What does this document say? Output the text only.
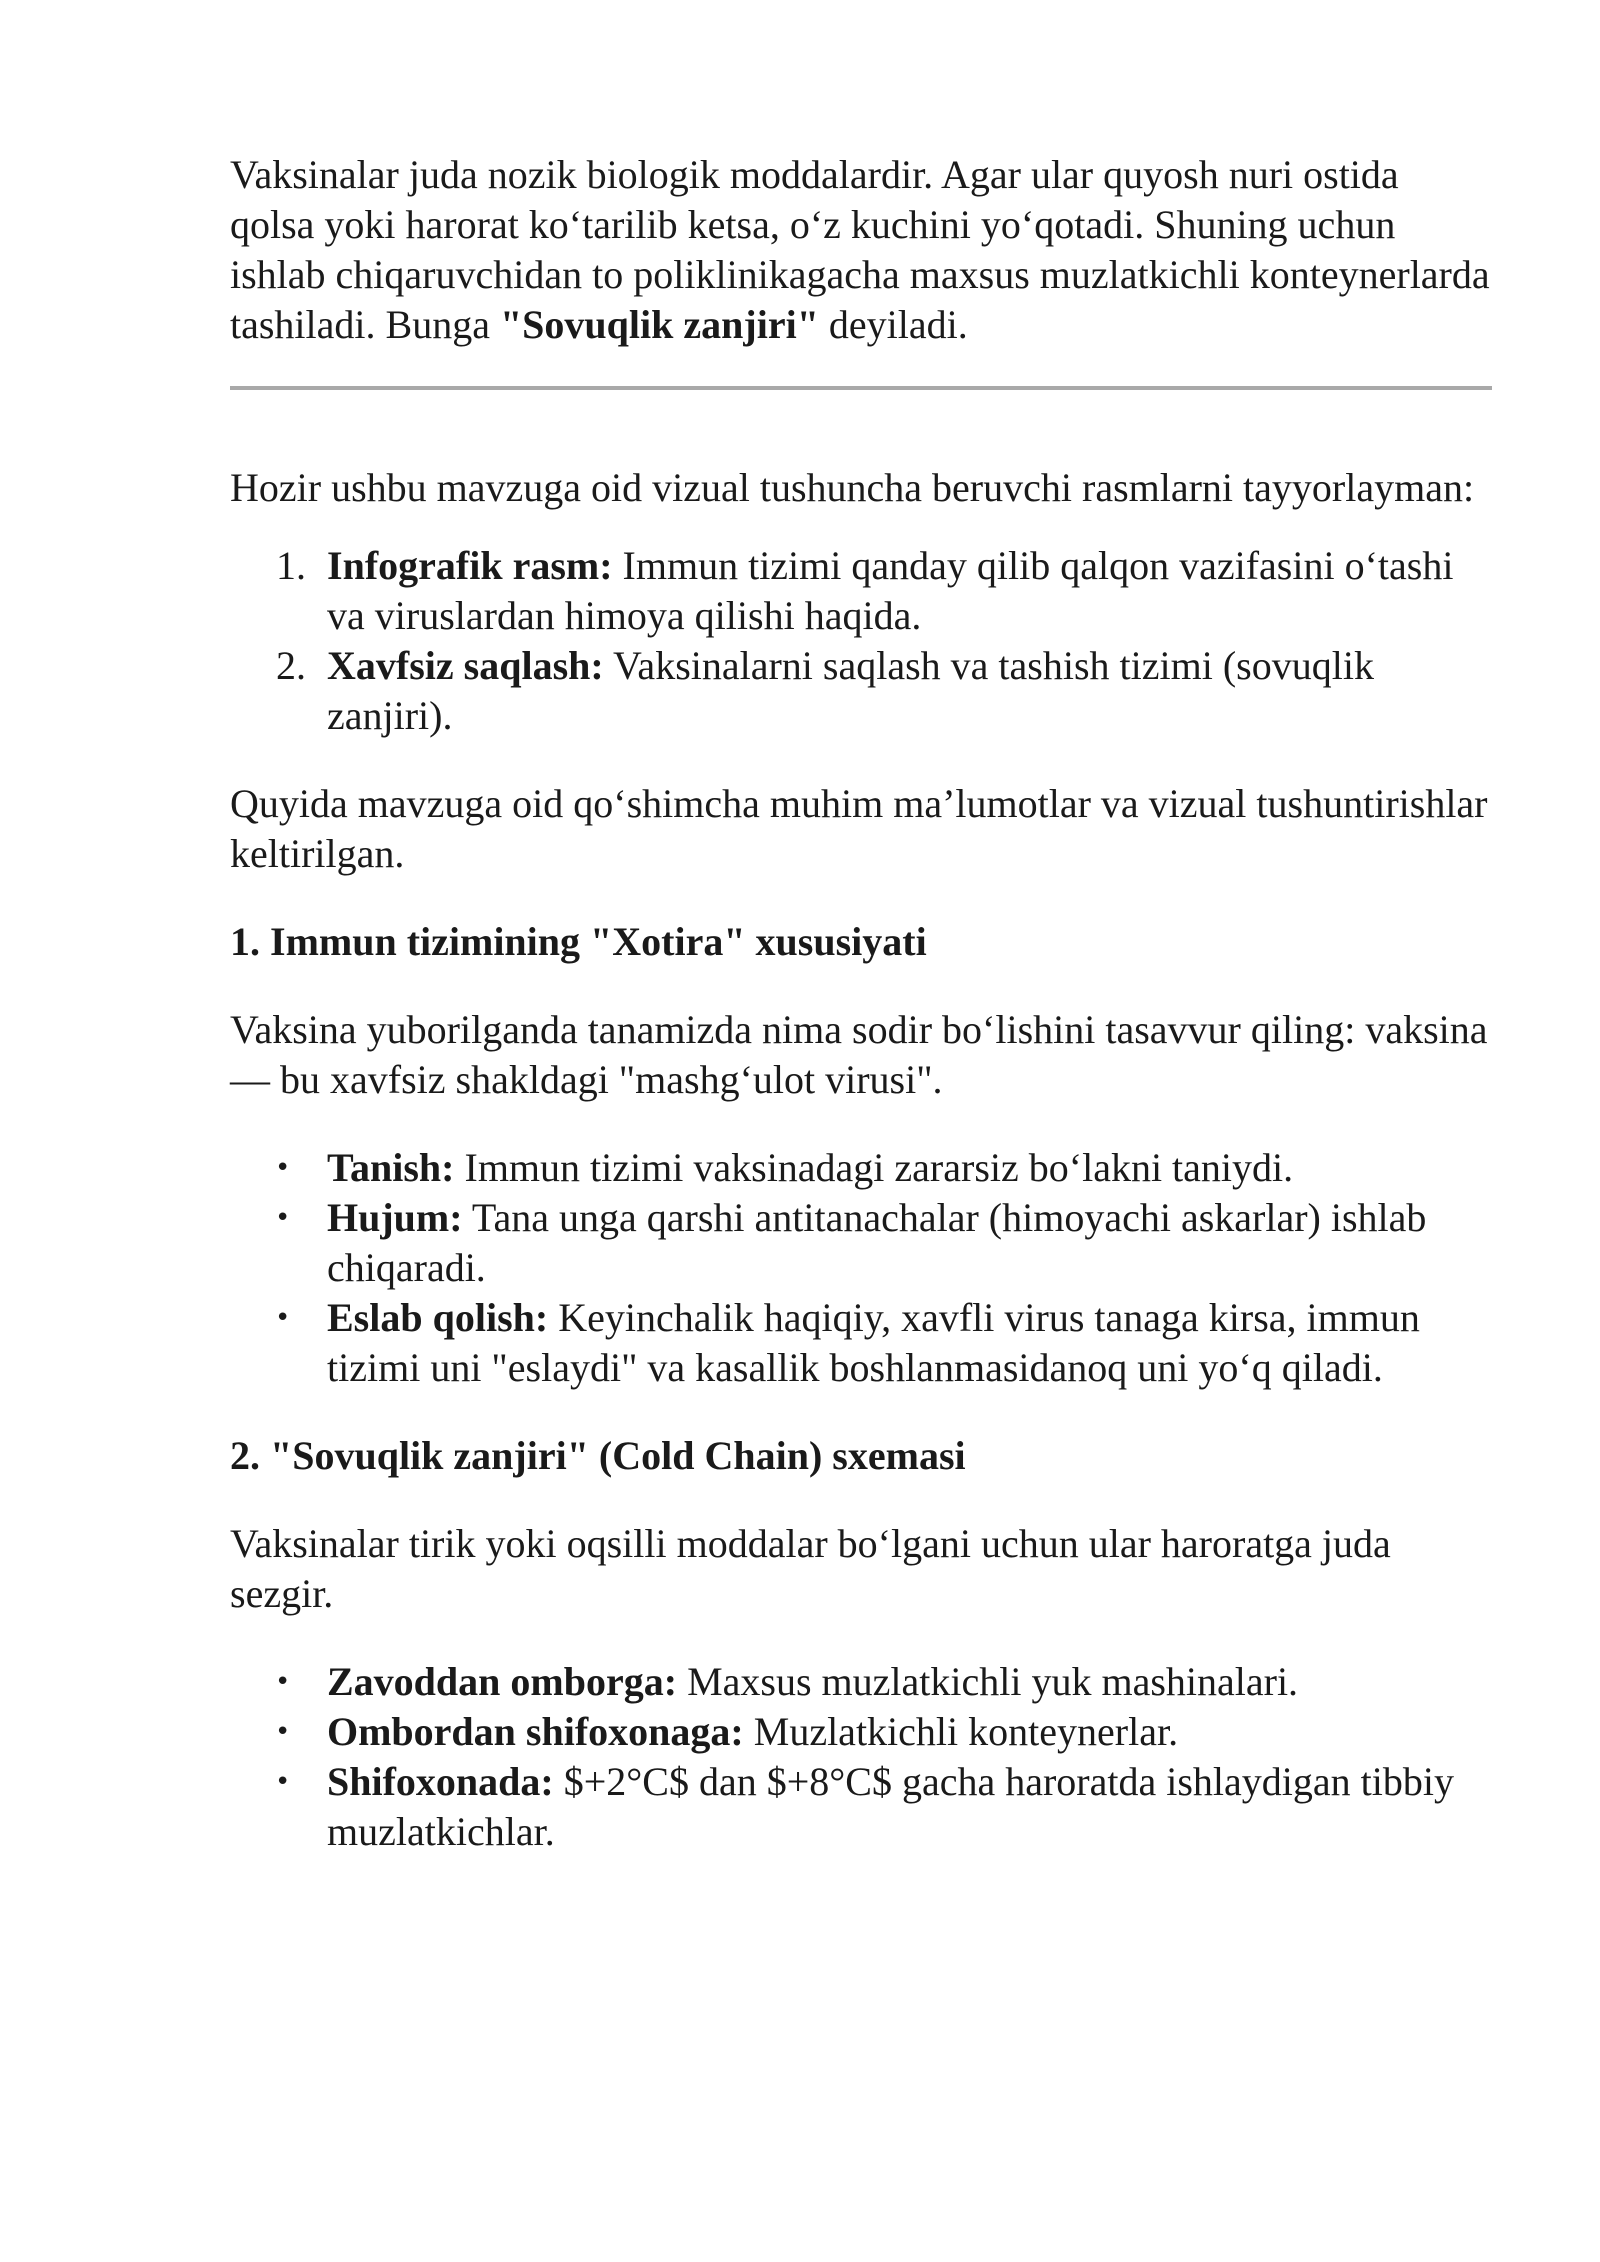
Vaksinalar juda nozik biologik moddalardir. Agar ular quyosh nuri ostida qolsa yoki harorat ko‘tarilib ketsa, o‘z kuchini yo‘qotadi. Shuning uchun ishlab chiqaruvchidan to poliklinikagacha maxsus muzlatkichli konteynerlarda tashiladi. Bunga "Sovuqlik zanjiri" deyiladi.

Hozir ushbu mavzuga oid vizual tushuncha beruvchi rasmlarni tayyorlayman:

1. Infografik rasm: Immun tizimi qanday qilib qalqon vazifasini o‘tashi va viruslardan himoya qilishi haqida.
2. Xavfsiz saqlash: Vaksinalarni saqlash va tashish tizimi (sovuqlik zanjiri).

Quyida mavzuga oid qo‘shimcha muhim ma’lumotlar va vizual tushuntirishlar keltirilgan.

1. Immun tizimining "Xotira" xususiyati

Vaksina yuborilganda tanamizda nima sodir bo‘lishini tasavvur qiling: vaksina — bu xavfsiz shakldagi "mashg‘ulot virusi".

• Tanish: Immun tizimi vaksinadagi zararsiz bo‘lakni taniydi.
• Hujum: Tana unga qarshi antitanachalar (himoyachi askarlar) ishlab chiqaradi.
• Eslab qolish: Keyinchalik haqiqiy, xavfli virus tanaga kirsa, immun tizimi uni "eslaydi" va kasallik boshlanmasidanoq uni yo‘q qiladi.
2. "Sovuqlik zanjiri" (Cold Chain) sxemasi

Vaksinalar tirik yoki oqsilli moddalar bo‘lgani uchun ular haroratga juda sezgir.

• Zavoddan omborga: Maxsus muzlatkichli yuk mashinalari.
• Ombordan shifoxonaga: Muzlatkichli konteynerlar.
• Shifoxonada: $+2°C$ dan $+8°C$ gacha haroratda ishlaydigan tibbiy muzlatkichlar.
